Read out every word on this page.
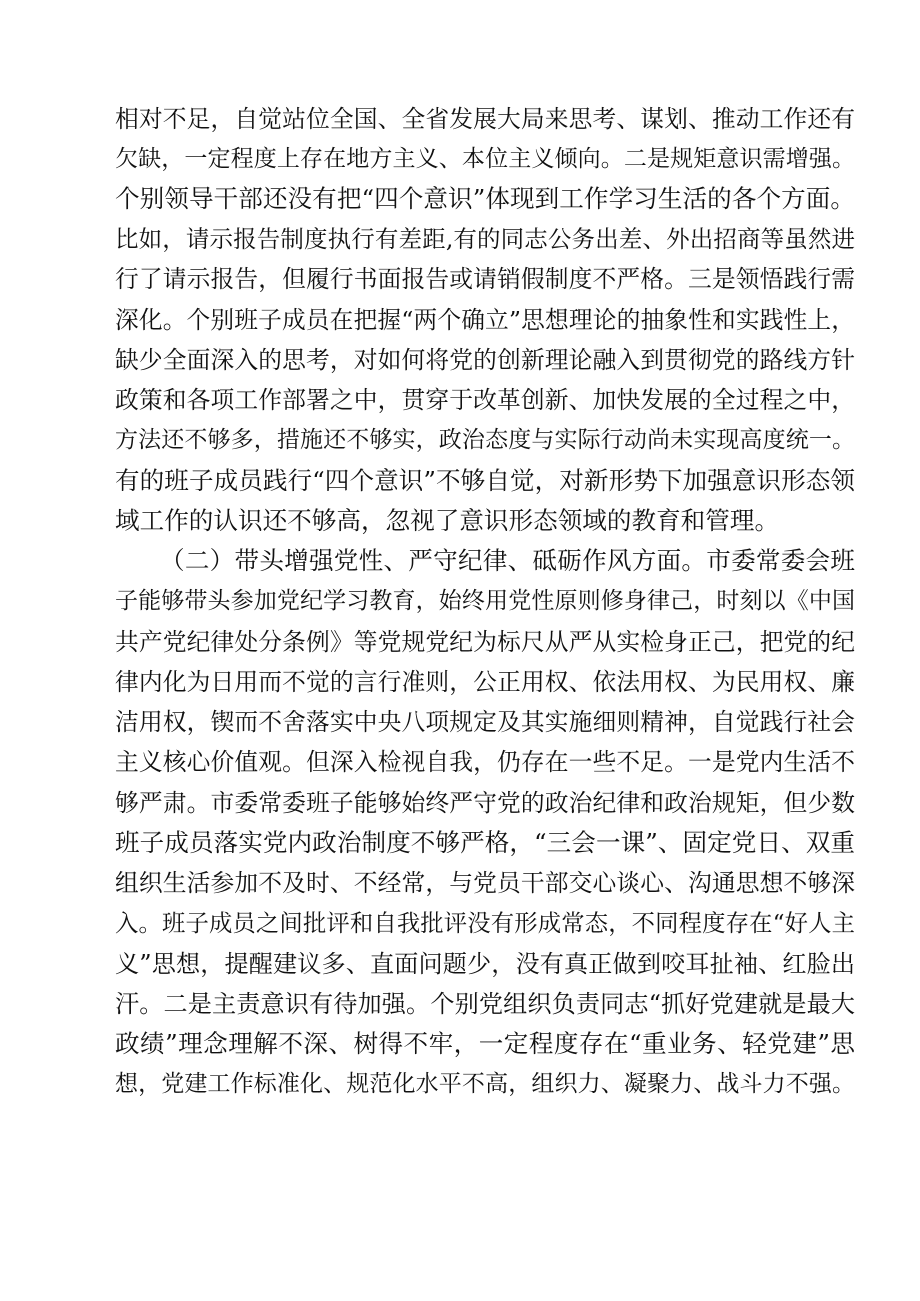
相对不足，自觉站位全国、全省发展大局来思考、谋划、推动工作还有
欠缺，一定程度上存在地方主义、本位主义倾向。二是规矩意识需增强。
个别领导干部还没有把“四个意识”体现到工作学习生活的各个方面。
比如，请示报告制度执行有差距,有的同志公务出差、外出招商等虽然进
行了请示报告，但履行书面报告或请销假制度不严格。三是领悟践行需
深化。个别班子成员在把握“两个确立”思想理论的抽象性和实践性上，
缺少全面深入的思考，对如何将党的创新理论融入到贯彻党的路线方针
政策和各项工作部署之中，贯穿于改革创新、加快发展的全过程之中，
方法还不够多，措施还不够实，政治态度与实际行动尚未实现高度统一。
有的班子成员践行“四个意识”不够自觉，对新形势下加强意识形态领
域工作的认识还不够高，忽视了意识形态领域的教育和管理。
（二）带头增强党性、严守纪律、砥砺作风方面。市委常委会班
子能够带头参加党纪学习教育，始终用党性原则修身律己，时刻以《中国
共产党纪律处分条例》等党规党纪为标尺从严从实检身正己，把党的纪
律内化为日用而不觉的言行准则，公正用权、依法用权、为民用权、廉
洁用权，锲而不舍落实中央八项规定及其实施细则精神，自觉践行社会
主义核心价值观。但深入检视自我，仍存在一些不足。一是党内生活不
够严肃。市委常委班子能够始终严守党的政治纪律和政治规矩，但少数
班子成员落实党内政治制度不够严格，“三会一课”、固定党日、双重
组织生活参加不及时、不经常，与党员干部交心谈心、沟通思想不够深
入。班子成员之间批评和自我批评没有形成常态，不同程度存在“好人主
义”思想，提醒建议多、直面问题少，没有真正做到咬耳扯袖、红脸出
汗。二是主责意识有待加强。个别党组织负责同志“抓好党建就是最大
政绩”理念理解不深、树得不牢，一定程度存在“重业务、轻党建”思
想，党建工作标准化、规范化水平不高，组织力、凝聚力、战斗力不强。
